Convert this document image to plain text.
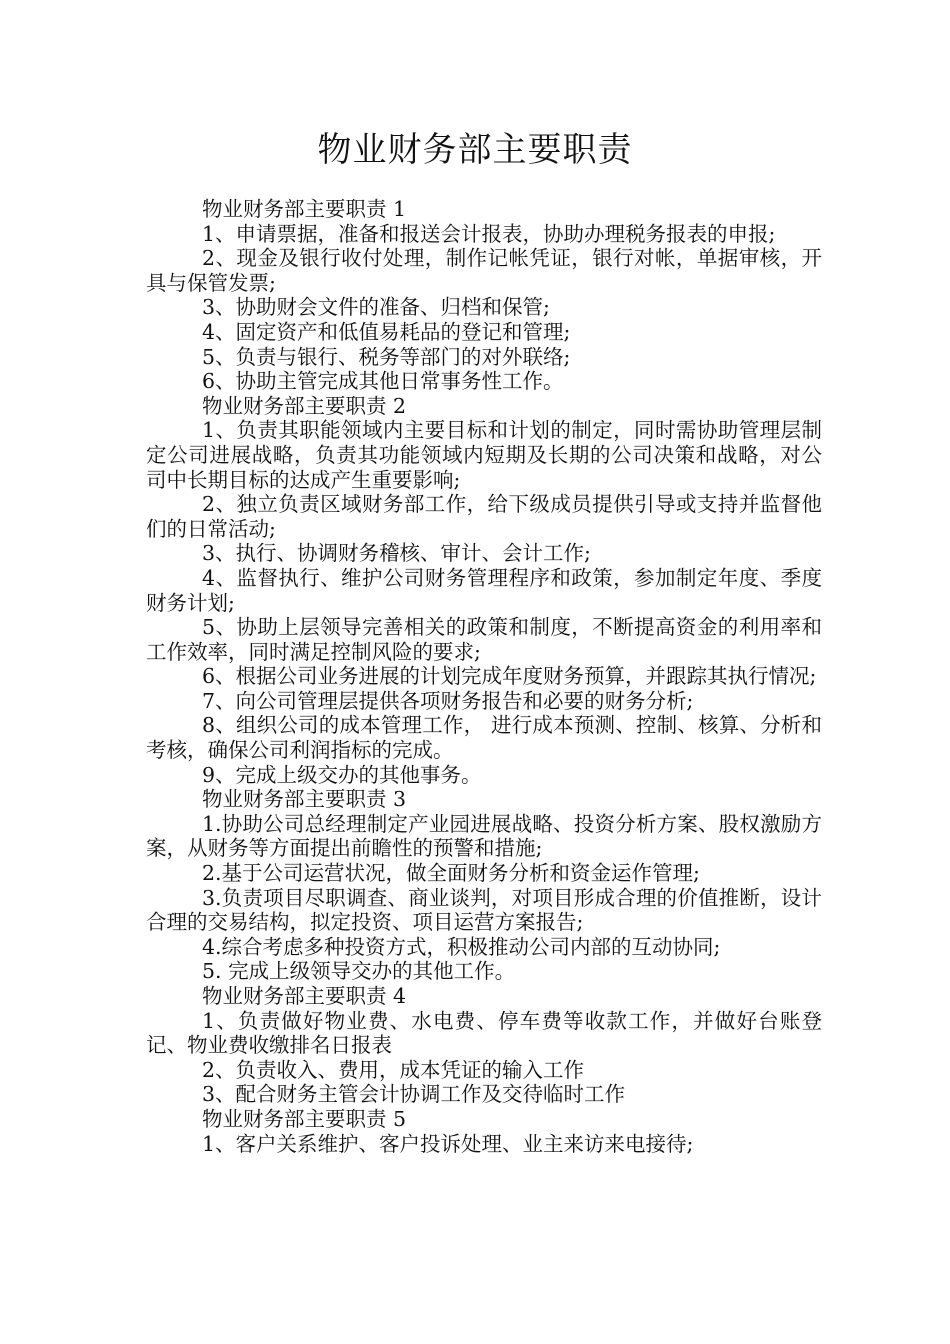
物业财务部主要职责

物业财务部主要职责 1

1、申请票据，准备和报送会计报表，协助办理税务报表的申报;

2、现金及银行收付处理，制作记帐凭证，银行对帐，单据审核，开具与保管发票;

3、协助财会文件的准备、归档和保管;

4、固定资产和低值易耗品的登记和管理;

5、负责与银行、税务等部门的对外联络;

6、协助主管完成其他日常事务性工作。

物业财务部主要职责 2

1、负责其职能领域内主要目标和计划的制定，同时需协助管理层制定公司进展战略，负责其功能领域内短期及长期的公司决策和战略，对公司中长期目标的达成产生重要影响;

2、独立负责区域财务部工作，给下级成员提供引导或支持并监督他们的日常活动;

3、执行、协调财务稽核、审计、会计工作;

4、监督执行、维护公司财务管理程序和政策，参加制定年度、季度财务计划;

5、协助上层领导完善相关的政策和制度，不断提高资金的利用率和工作效率，同时满足控制风险的要求;

6、根据公司业务进展的计划完成年度财务预算，并跟踪其执行情况;

7、向公司管理层提供各项财务报告和必要的财务分析;

8、组织公司的成本管理工作， 进行成本预测、控制、核算、分析和考核，确保公司利润指标的完成。

9、完成上级交办的其他事务。

物业财务部主要职责 3

1.协助公司总经理制定产业园进展战略、投资分析方案、股权激励方案，从财务等方面提出前瞻性的预警和措施;

2.基于公司运营状况，做全面财务分析和资金运作管理;

3.负责项目尽职调查、商业谈判，对项目形成合理的价值推断，设计合理的交易结构，拟定投资、项目运营方案报告;

4.综合考虑多种投资方式，积极推动公司内部的互动协同;

5. 完成上级领导交办的其他工作。

物业财务部主要职责 4

1、负责做好物业费、水电费、停车费等收款工作，并做好台账登记、物业费收缴排名日报表

2、负责收入、费用，成本凭证的输入工作

3、配合财务主管会计协调工作及交待临时工作

物业财务部主要职责 5

1、客户关系维护、客户投诉处理、业主来访来电接待;
